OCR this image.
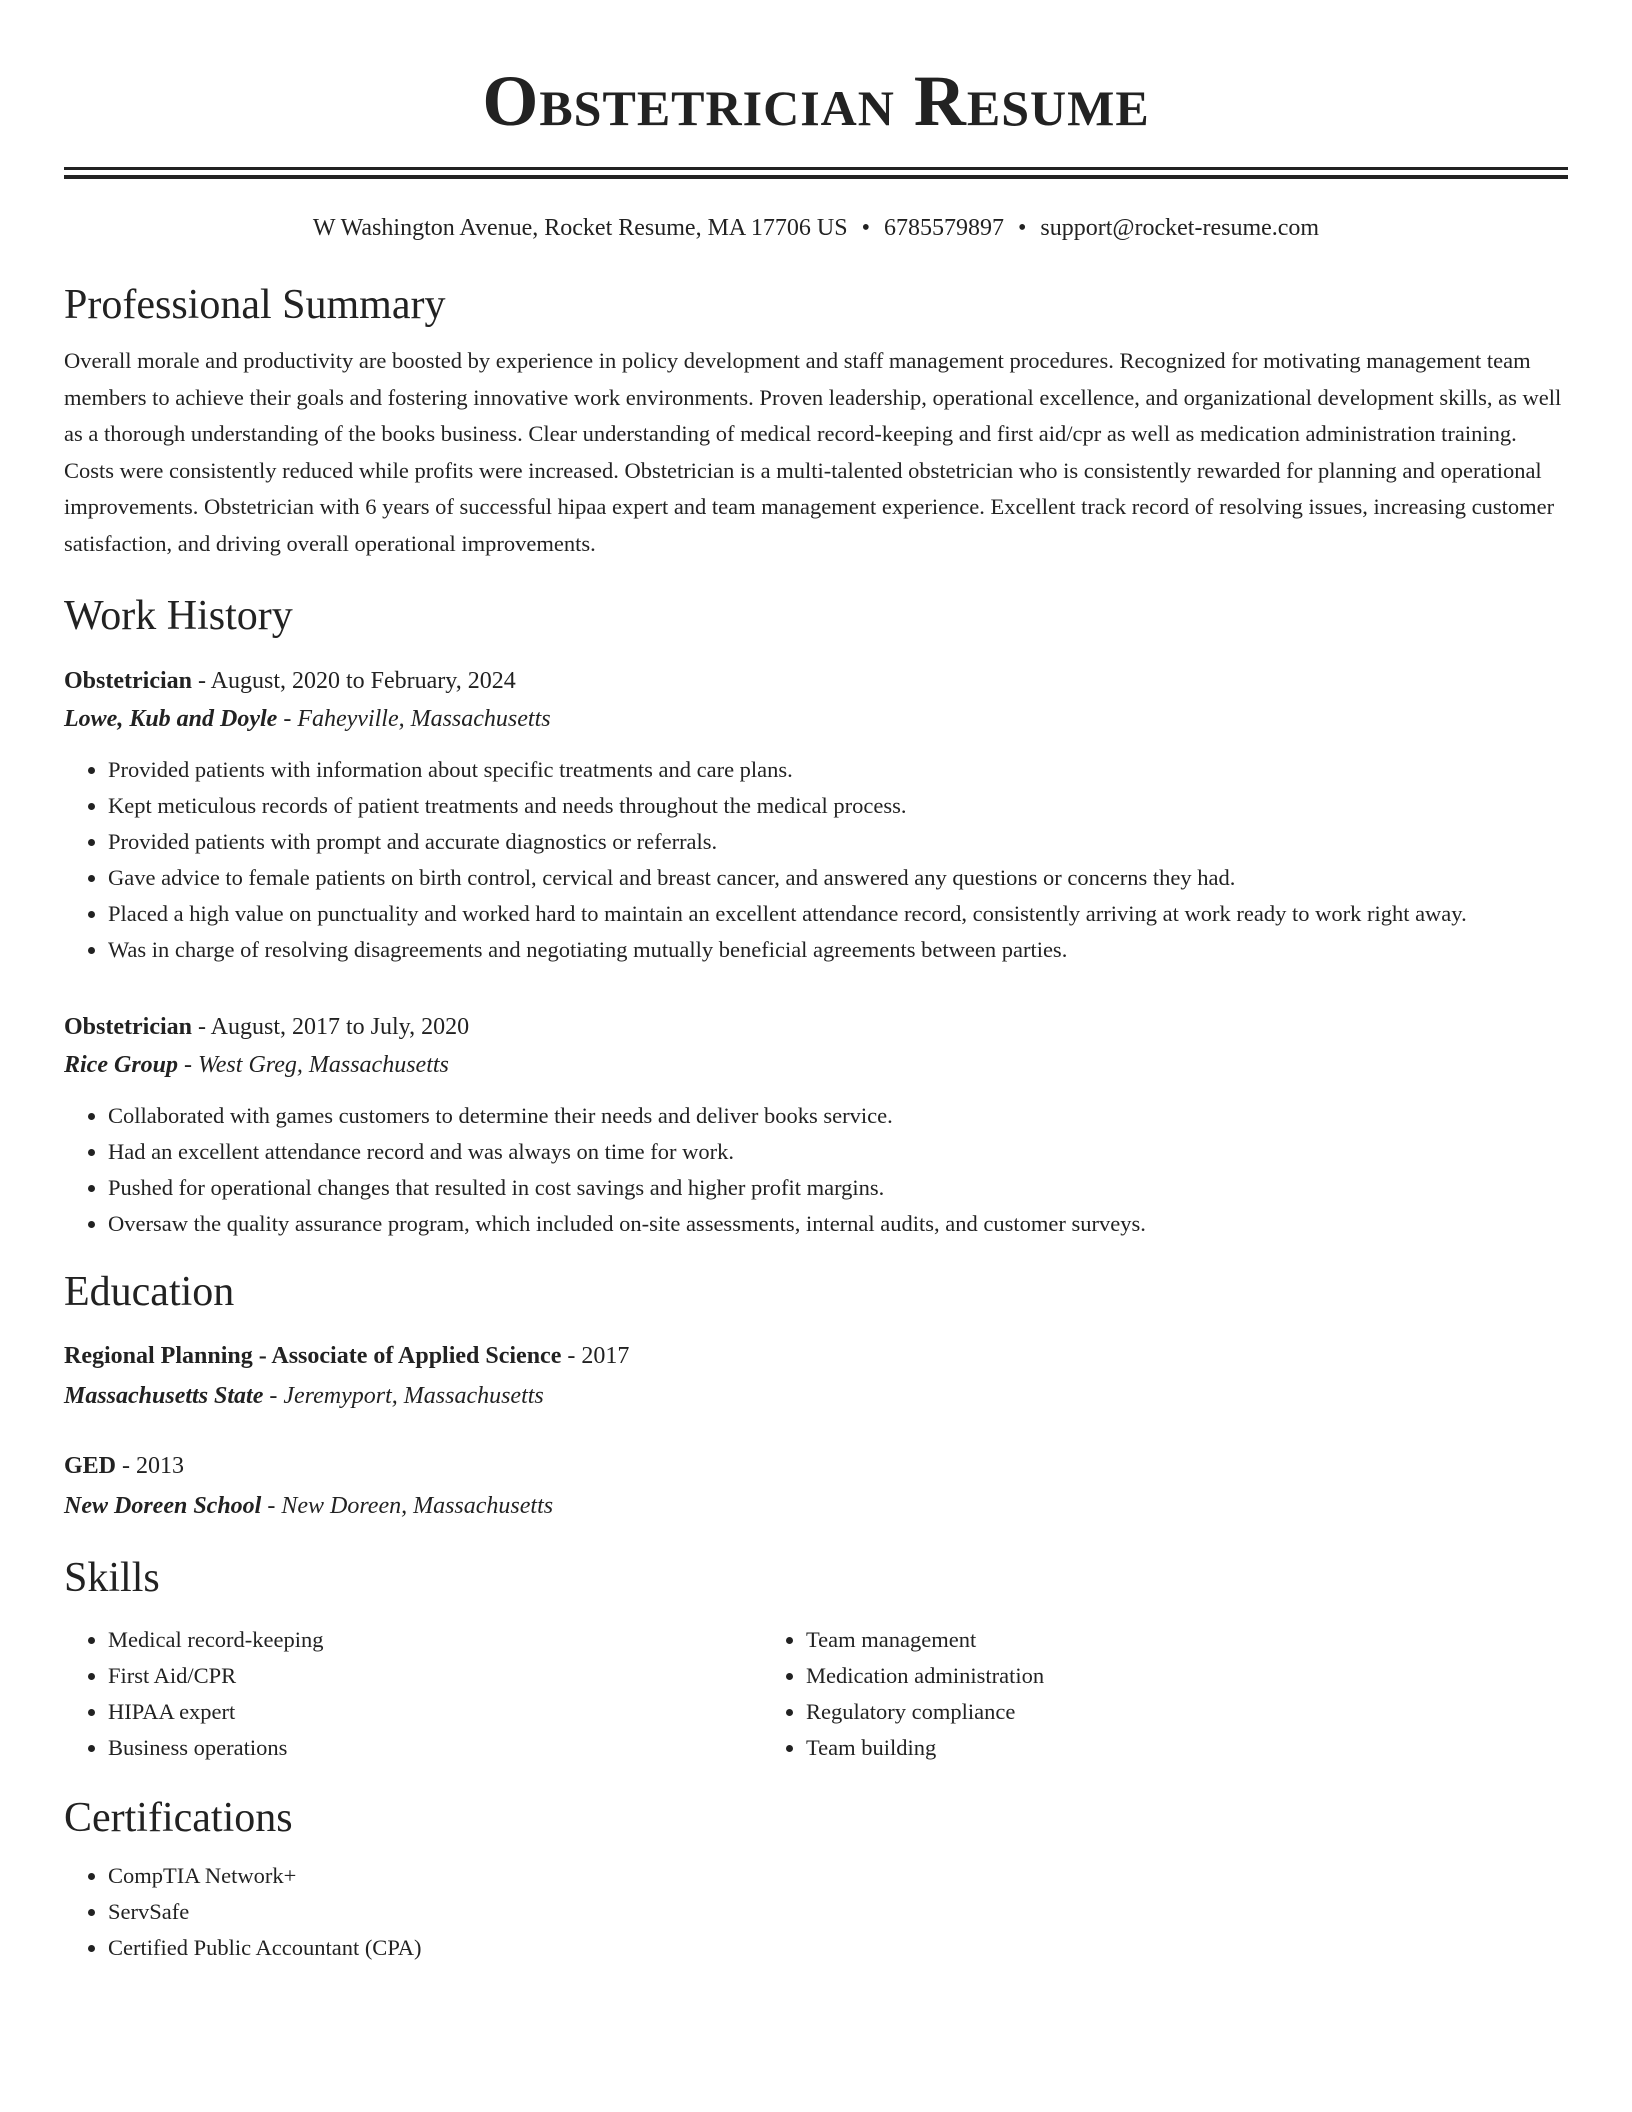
Obstetrician Resume
W Washington Avenue, Rocket Resume, MA 17706 US • 6785579897 • support@rocket-resume.com
Professional Summary
Overall morale and productivity are boosted by experience in policy development and staff management procedures. Recognized for motivating management team members to achieve their goals and fostering innovative work environments. Proven leadership, operational excellence, and organizational development skills, as well as a thorough understanding of the books business. Clear understanding of medical record-keeping and first aid/cpr as well as medication administration training. Costs were consistently reduced while profits were increased. Obstetrician is a multi-talented obstetrician who is consistently rewarded for planning and operational improvements. Obstetrician with 6 years of successful hipaa expert and team management experience. Excellent track record of resolving issues, increasing customer satisfaction, and driving overall operational improvements.
Work History
Obstetrician - August, 2020 to February, 2024
Lowe, Kub and Doyle - Faheyville, Massachusetts
• Provided patients with information about specific treatments and care plans.
• Kept meticulous records of patient treatments and needs throughout the medical process.
• Provided patients with prompt and accurate diagnostics or referrals.
• Gave advice to female patients on birth control, cervical and breast cancer, and answered any questions or concerns they had.
• Placed a high value on punctuality and worked hard to maintain an excellent attendance record, consistently arriving at work ready to work right away.
• Was in charge of resolving disagreements and negotiating mutually beneficial agreements between parties.
Obstetrician - August, 2017 to July, 2020
Rice Group - West Greg, Massachusetts
• Collaborated with games customers to determine their needs and deliver books service.
• Had an excellent attendance record and was always on time for work.
• Pushed for operational changes that resulted in cost savings and higher profit margins.
• Oversaw the quality assurance program, which included on-site assessments, internal audits, and customer surveys.
Education
Regional Planning - Associate of Applied Science - 2017
Massachusetts State - Jeremyport, Massachusetts
GED - 2013
New Doreen School - New Doreen, Massachusetts
Skills
• Medical record-keeping
• First Aid/CPR
• HIPAA expert
• Business operations
• Team management
• Medication administration
• Regulatory compliance
• Team building
Certifications
• CompTIA Network+
• ServSafe
• Certified Public Accountant (CPA)
